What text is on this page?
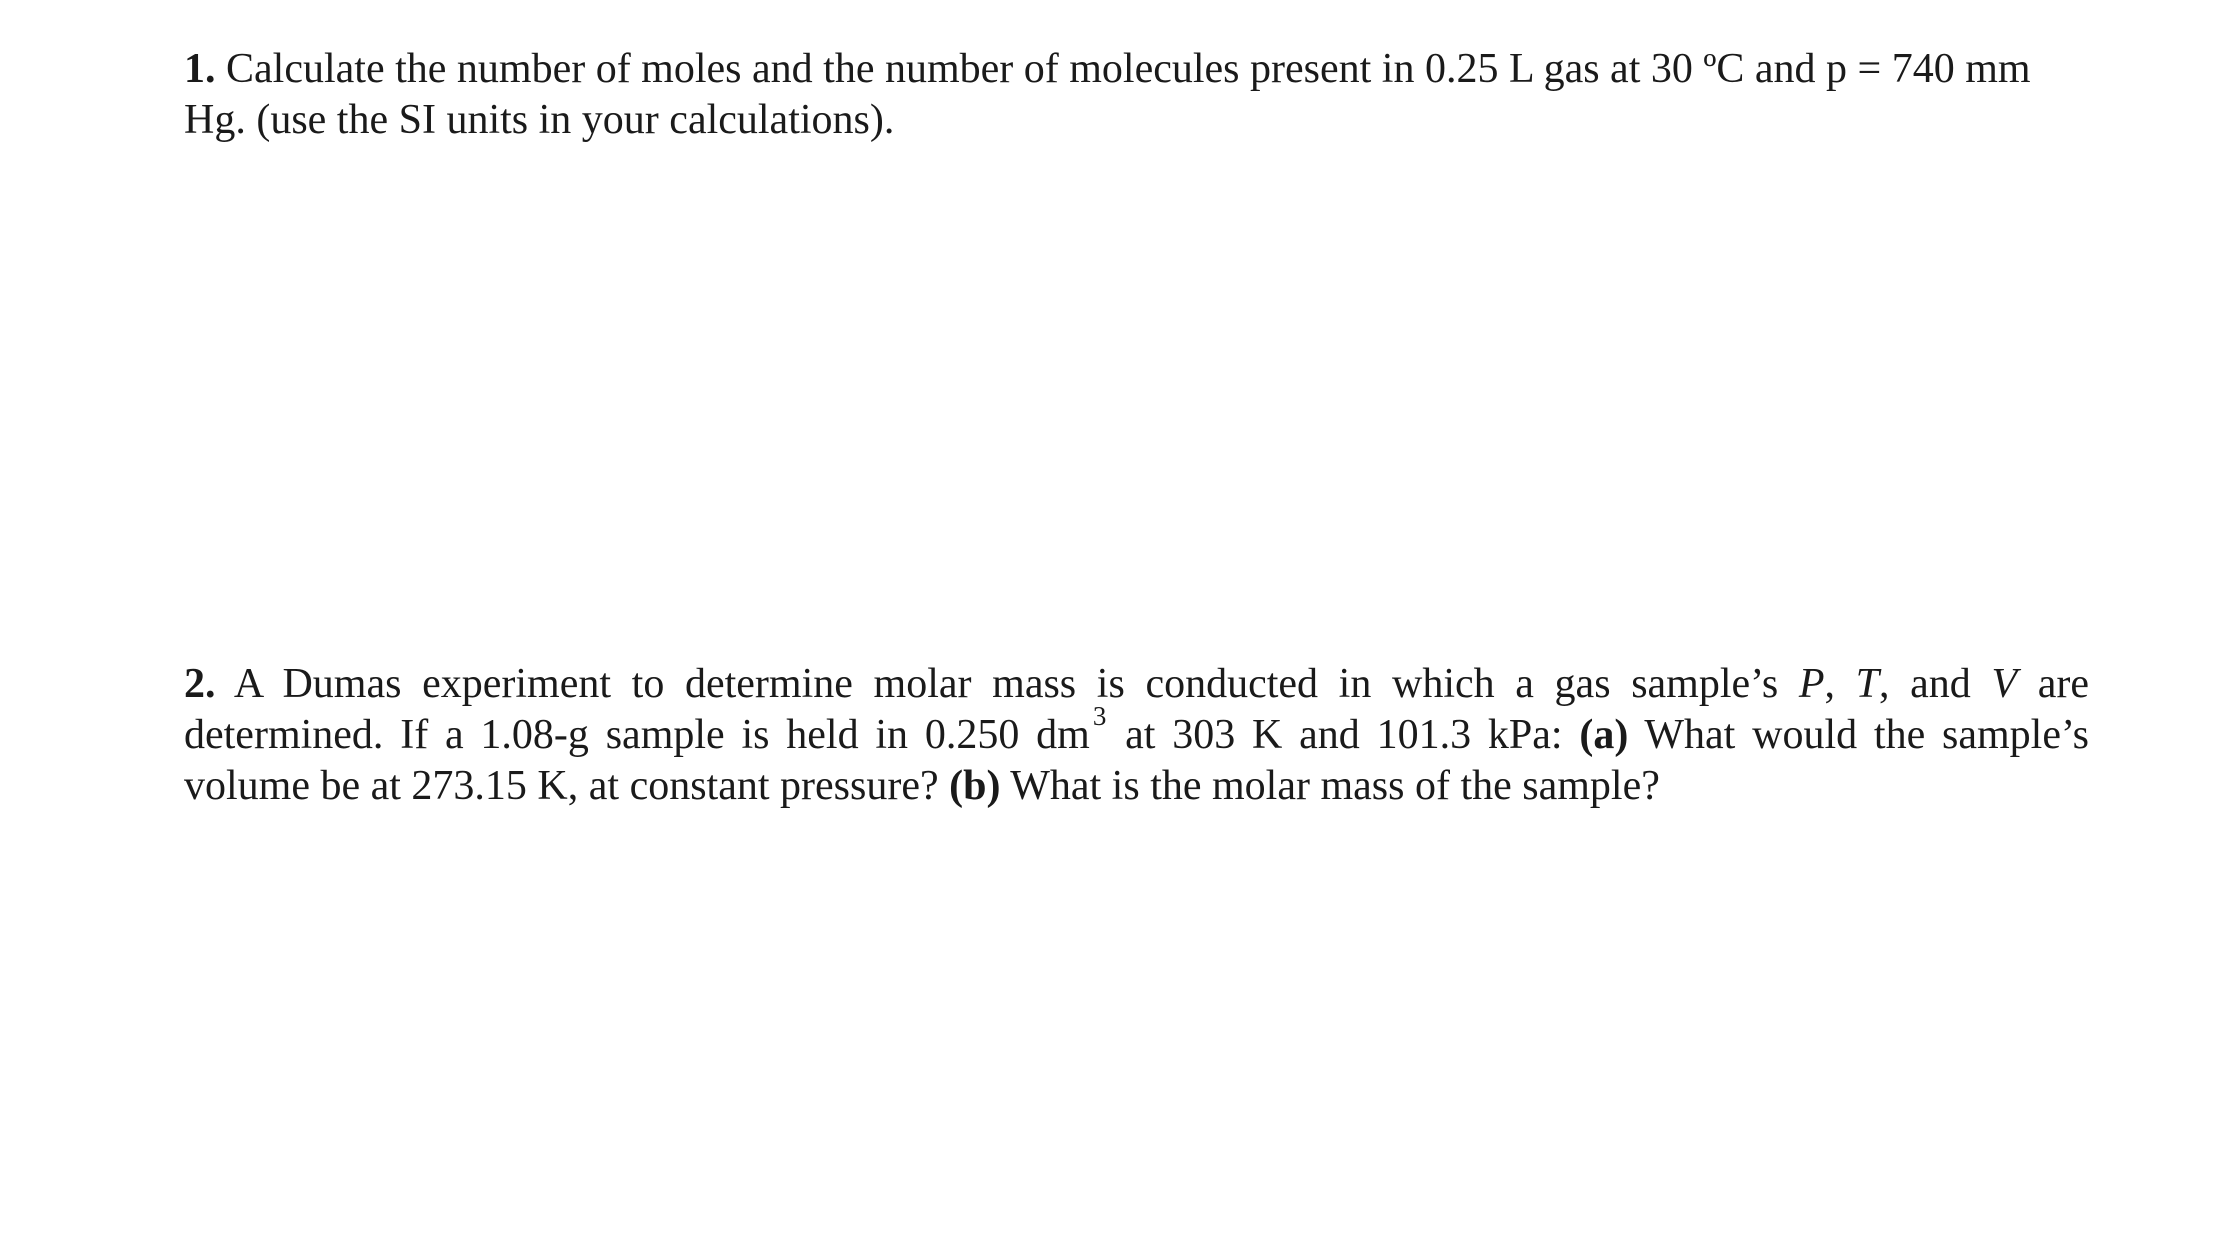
1. Calculate the number of moles and the number of molecules present in 0.25 L gas at 30 ºC and p = 740 mm Hg. (use the SI units in your calculations).

2. A Dumas experiment to determine molar mass is conducted in which a gas sample’s P, T, and V are determined. If a 1.08-g sample is held in 0.250 dm $^3$ at 303 K and 101.3 kPa: (a) What would the sample’s volume be at 273.15 K, at constant pressure? (b) What is the molar mass of the sample?
